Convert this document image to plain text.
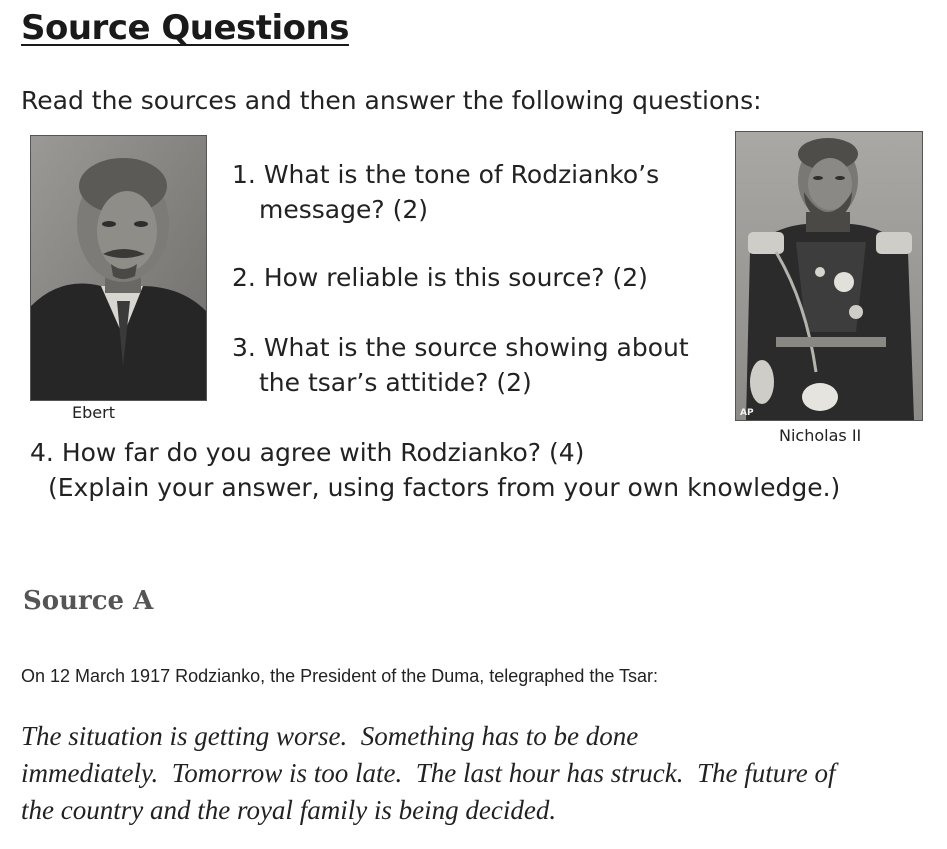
Source Questions
Read the sources and then answer the following questions:
Ebert
1. What is the tone of Rodzianko’s
message? (2)
2. How reliable is this source? (2)
3. What is the source showing about
the tsar’s attitide? (2)
AP
Nicholas II
4. How far do you agree with Rodzianko? (4)
(Explain your answer, using factors from your own knowledge.)
Source A
On 12 March 1917 Rodzianko, the President of the Duma, telegraphed the Tsar:
The situation is getting worse.  Something has to be done
immediately.  Tomorrow is too late.  The last hour has struck.  The future of
the country and the royal family is being decided.
